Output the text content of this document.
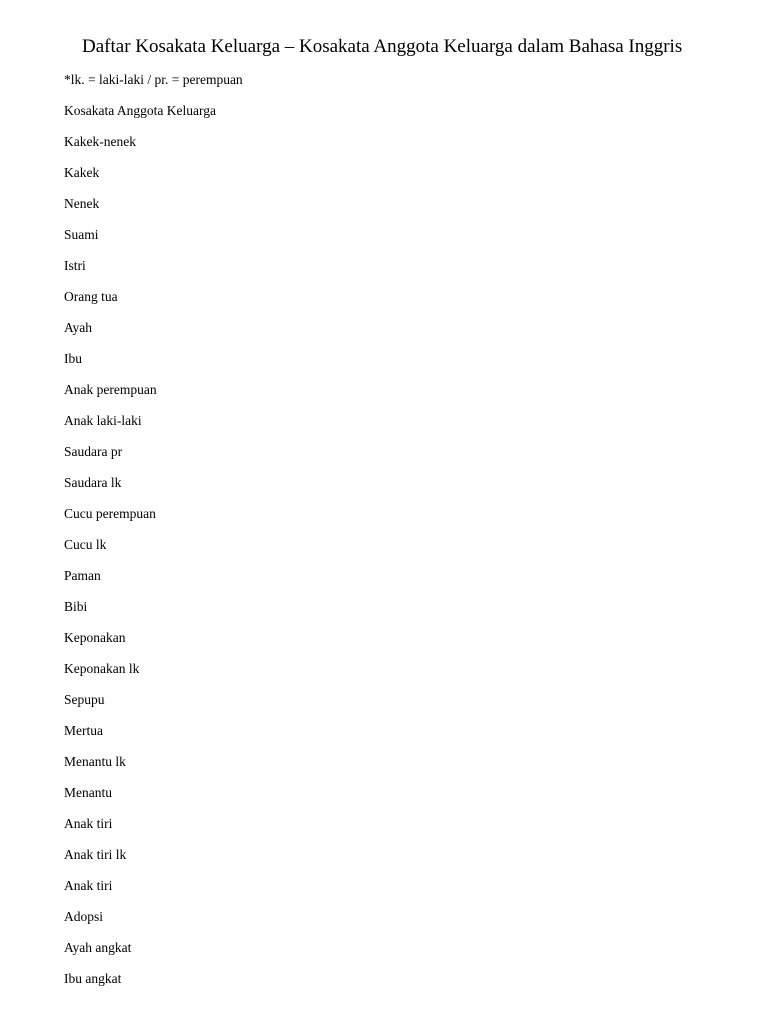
Daftar Kosakata Keluarga – Kosakata Anggota Keluarga dalam Bahasa Inggris

*lk. = laki-laki / pr. = perempuan

Kosakata Anggota Keluarga
Kakek-nenek
Kakek
Nenek
Suami
Istri
Orang tua
Ayah
Ibu
Anak perempuan
Anak laki-laki
Saudara pr
Saudara lk
Cucu perempuan
Cucu lk
Paman
Bibi
Keponakan
Keponakan lk
Sepupu
Mertua
Menantu lk
Menantu
Anak tiri
Anak tiri lk
Anak tiri
Adopsi
Ayah angkat
Ibu angkat
